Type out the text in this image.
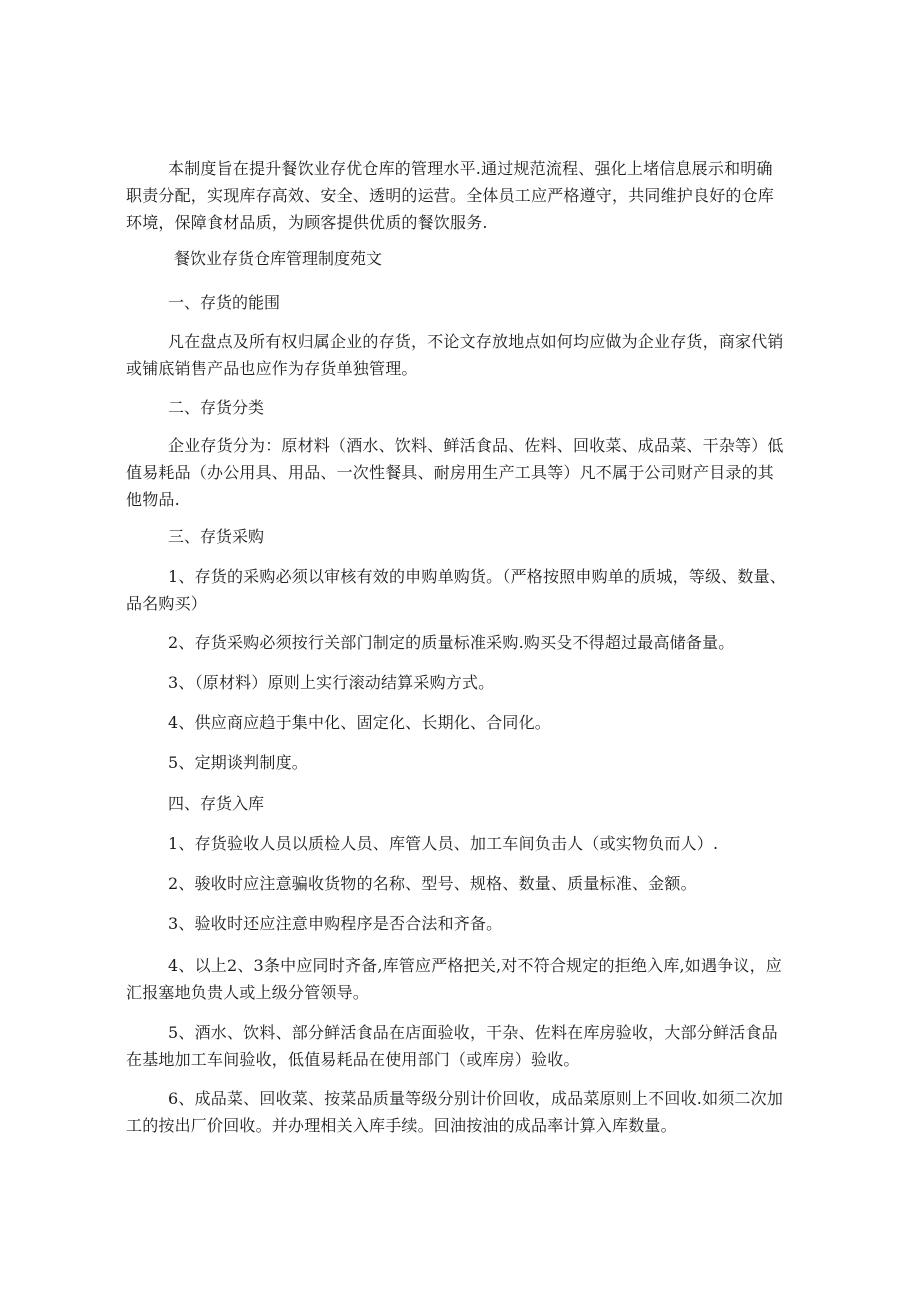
本制度旨在提升餐饮业存优仓库的管理水平.通过规范流程、强化上堵信息展示和明确职责分配，实现库存高效、安全、透明的运营。全体员工应严格遵守，共同维护良好的仓库环境，保障食材品质，为顾客提供优质的餐饮服务.

餐饮业存货仓库管理制度苑文

一、存货的能围

凡在盘点及所有权归属企业的存货，不论文存放地点如何均应做为企业存货，商家代销或铺底销售产品也应作为存货单独管理。

二、存货分类

企业存货分为：原材料（酒水、饮料、鲜活食品、佐料、回收菜、成品菜、干杂等）低值易耗品（办公用具、用品、一次性餐具、耐房用生产工具等）凡不属于公司财产目录的其他物品.

三、存货采购

1、存货的采购必须以审核有效的申购单购货。（严格按照申购单的质城，等级、数量、品名购买）

2、存货采购必须按行关部门制定的质量标准采购.购买殳不得超过最高储备量。

3、（原材料）原则上实行滚动结算采购方式。

4、供应商应趋于集中化、固定化、长期化、合同化。

5、定期谈判制度。

四、存货入库

1、存货验收人员以质检人员、库管人员、加工车间负击人（或实物负而人）.

2、骏收时应注意骗收货物的名称、型号、规格、数量、质量标准、金额。

3、验收时还应注意申购程序是否合法和齐备。

4、以上2、3条中应同时齐备,库管应严格把关,对不符合规定的拒绝入库,如遇争议，应汇报塞地负贵人或上级分管领导。

5、酒水、饮料、部分鲜活食品在店面验收，干杂、佐料在库房验收，大部分鲜活食品在基地加工车间验收，低值易耗品在使用部门（或库房）验收。

6、成品菜、回收菜、按菜品质量等级分别计价回收，成品菜原则上不回收.如须二次加工的按出厂价回收。并办理相关入库手续。回油按油的成品率计算入库数量。
